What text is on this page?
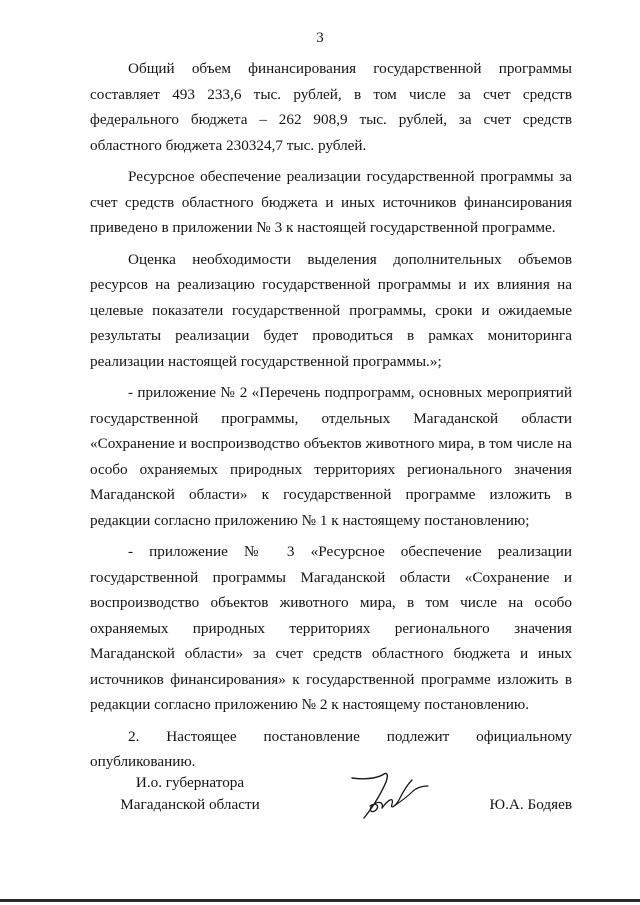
3

Общий объем финансирования государственной программы составляет 493 233,6 тыс. рублей, в том числе за счет средств федерального бюджета – 262 908,9 тыс. рублей, за счет средств областного бюджета 230324,7 тыс. рублей.

Ресурсное обеспечение реализации государственной программы за счет средств областного бюджета и иных источников финансирования приведено в приложении № 3 к настоящей государственной программе.

Оценка необходимости выделения дополнительных объемов ресурсов на реализацию государственной программы и их влияния на целевые показатели государственной программы, сроки и ожидаемые результаты реализации будет проводиться в рамках мониторинга реализации настоящей государственной программы.»;

- приложение № 2 «Перечень подпрограмм, основных мероприятий государственной программы, отдельных Магаданской области «Сохранение и воспроизводство объектов животного мира, в том числе на особо охраняемых природных территориях регионального значения Магаданской области» к государственной программе изложить в редакции согласно приложению № 1 к настоящему постановлению;

- приложение № 3 «Ресурсное обеспечение реализации государственной программы Магаданской области «Сохранение и воспроизводство объектов животного мира, в том числе на особо охраняемых природных территориях регионального значения Магаданской области» за счет средств областного бюджета и иных источников финансирования» к государственной программе изложить в редакции согласно приложению № 2 к настоящему постановлению.

2. Настоящее постановление подлежит официальному опубликованию.

И.о. губернатора
Магаданской области	Ю.А. Бодяев
